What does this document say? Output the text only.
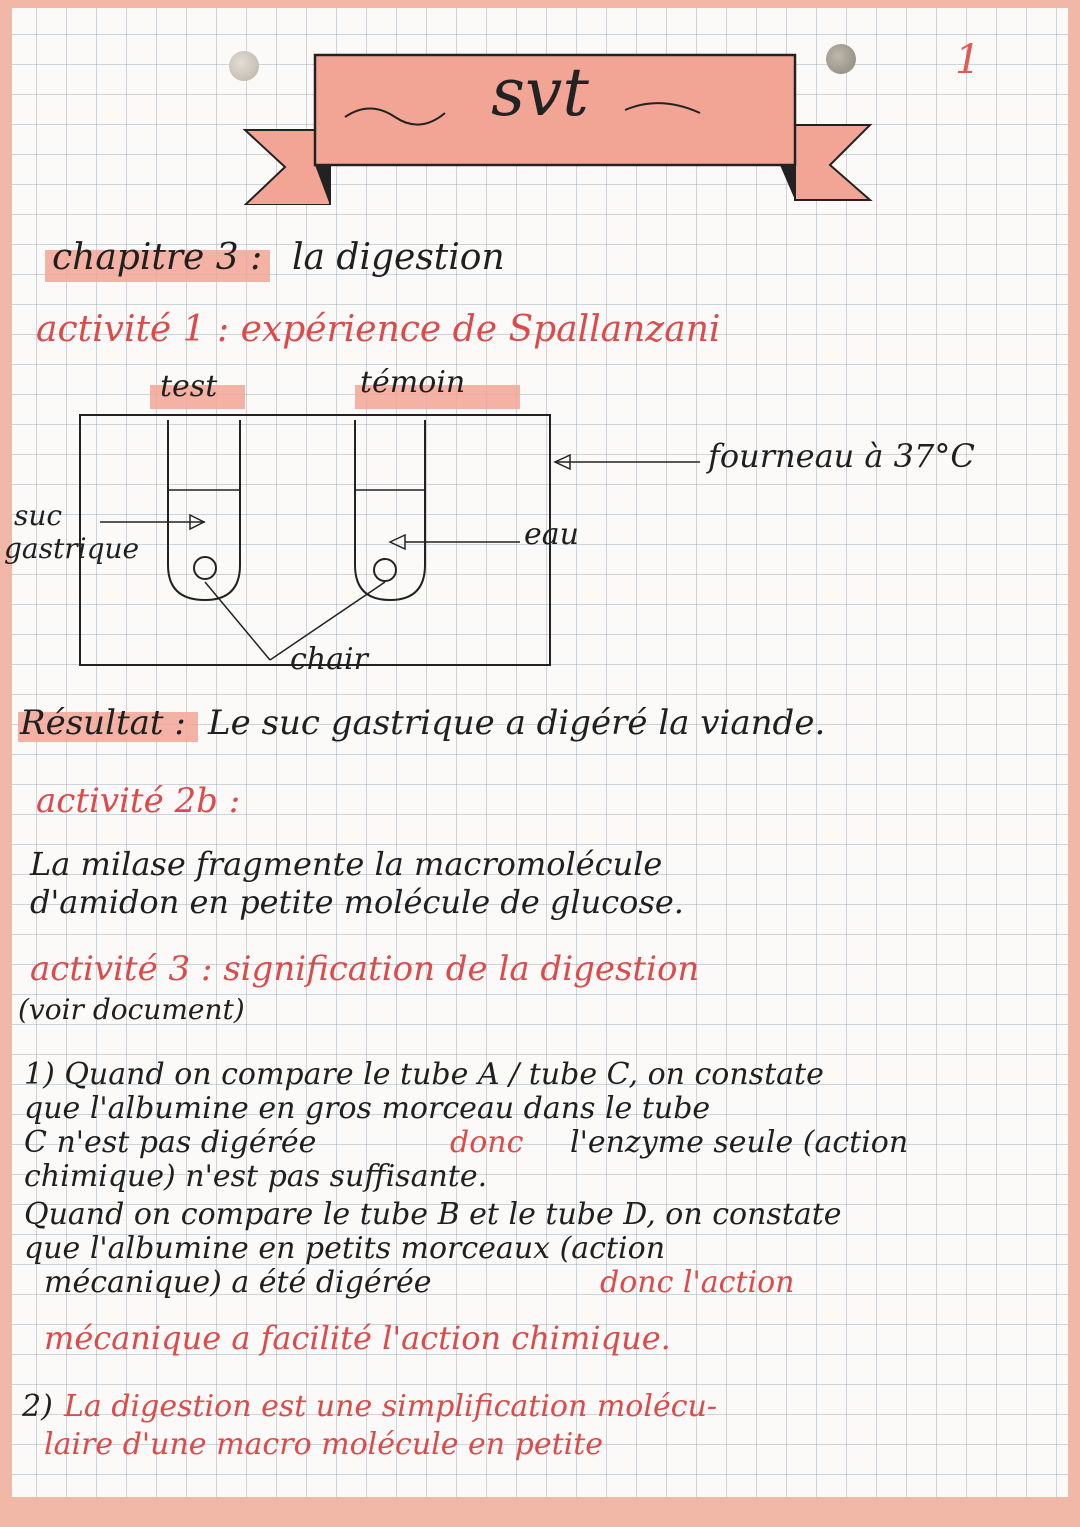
svt	1
chapitre 3 : la digestion
activité 1 : expérience de Spallanzani
test	témoin
fourneau à 37°C
suc
gastrique	eau
chair
Résultat : Le suc gastrique a digéré la viande.
activité 2b :
La milase fragmente la macromolécule
d'amidon en petite molécule de glucose.
activité 3 : signification de la digestion
(voir document)
1) Quand on compare le tube A / tube C, on constate
que l'albumine en gros morceau dans le tube
C n'est pas digérée	donc l'enzyme seule (action
chimique) n'est pas suffisante.
Quand on compare le tube B et le tube D, on constate
que l'albumine en petits morceaux (action
mécanique) a été digérée	donc l'action
mécanique a facilité l'action chimique.
2) La digestion est une simplification molécu-
laire d'une macro molécule en petite
